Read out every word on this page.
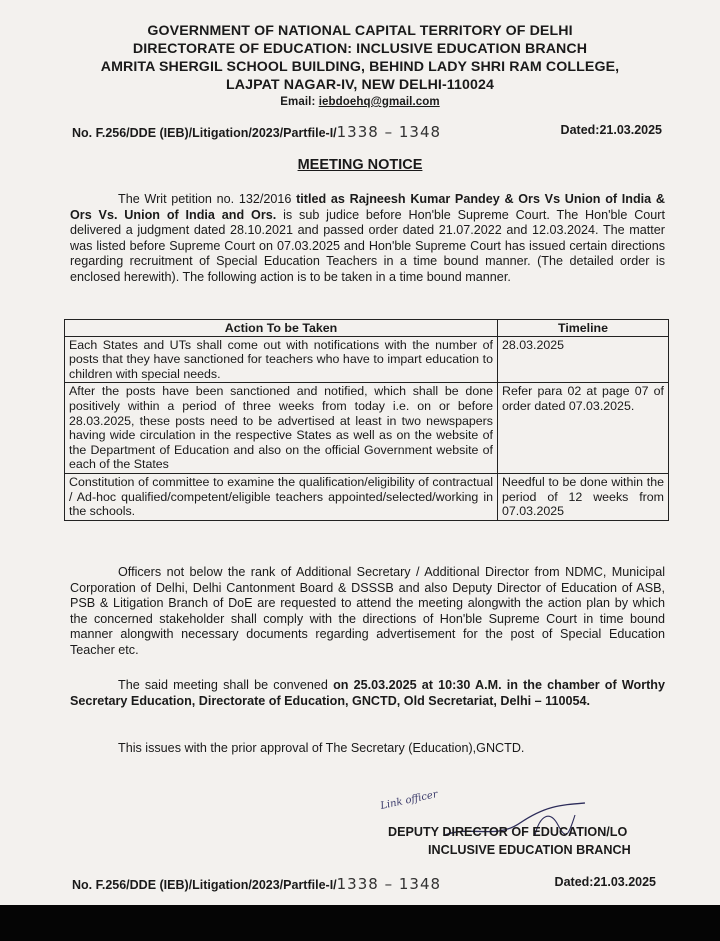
GOVERNMENT OF NATIONAL CAPITAL TERRITORY OF DELHI
DIRECTORATE OF EDUCATION: INCLUSIVE EDUCATION BRANCH
AMRITA SHERGIL SCHOOL BUILDING, BEHIND LADY SHRI RAM COLLEGE,
LAJPAT NAGAR-IV, NEW DELHI-110024
Email: iebdoehq@gmail.com
No. F.256/DDE (IEB)/Litigation/2023/Partfile-I/1338 – 1348	Dated:21.03.2025
MEETING NOTICE

The Writ petition no. 132/2016 titled as Rajneesh Kumar Pandey & Ors Vs Union of India & Ors Vs. Union of India and Ors. is sub judice before Hon'ble Supreme Court. The Hon'ble Court delivered a judgment dated 28.10.2021 and passed order dated 21.07.2022 and 12.03.2024. The matter was listed before Supreme Court on 07.03.2025 and Hon'ble Supreme Court has issued certain directions regarding recruitment of Special Education Teachers in a time bound manner. (The detailed order is enclosed herewith). The following action is to be taken in a time bound manner.

Action To be Taken	Timeline
Each States and UTs shall come out with notifications with the number of posts that they have sanctioned for teachers who have to impart education to children with special needs.	28.03.2025
After the posts have been sanctioned and notified, which shall be done positively within a period of three weeks from today i.e. on or before 28.03.2025, these posts need to be advertised at least in two newspapers having wide circulation in the respective States as well as on the website of the Department of Education and also on the official Government website of each of the States	Refer para 02 at page 07 of order dated 07.03.2025.
Constitution of committee to examine the qualification/eligibility of contractual / Ad-hoc qualified/competent/eligible teachers appointed/selected/working in the schools.	Needful to be done within the period of 12 weeks from 07.03.2025

Officers not below the rank of Additional Secretary / Additional Director from NDMC, Municipal Corporation of Delhi, Delhi Cantonment Board & DSSSB and also Deputy Director of Education of ASB, PSB & Litigation Branch of DoE are requested to attend the meeting alongwith the action plan by which the concerned stakeholder shall comply with the directions of Hon'ble Supreme Court in time bound manner alongwith necessary documents regarding advertisement for the post of Special Education Teacher etc.

The said meeting shall be convened on 25.03.2025 at 10:30 A.M. in the chamber of Worthy Secretary Education, Directorate of Education, GNCTD, Old Secretariat, Delhi – 110054.

This issues with the prior approval of The Secretary (Education),GNCTD.

Link officer
DEPUTY DIRECTOR OF EDUCATION/LO
INCLUSIVE EDUCATION BRANCH
No. F.256/DDE (IEB)/Litigation/2023/Partfile-I/1338 – 1348	Dated:21.03.2025
